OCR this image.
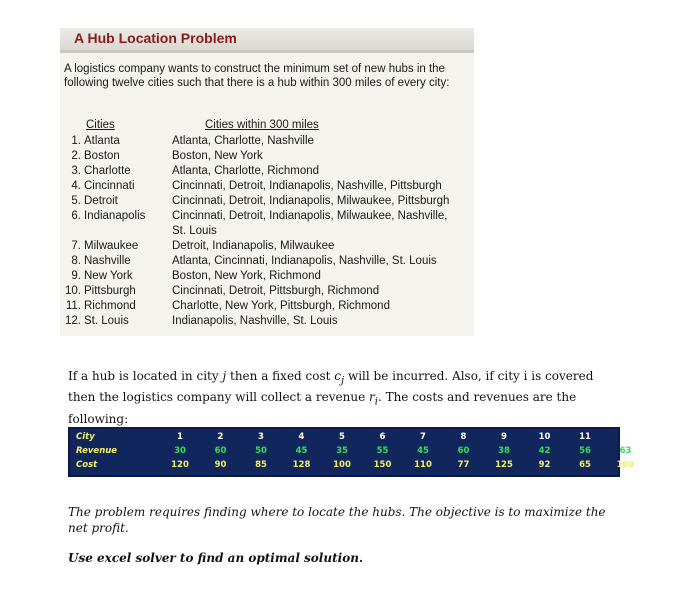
A Hub Location Problem
A logistics company wants to construct the minimum set of new hubs in the following twelve cities such that there is a hub within 300 miles of every city:
Cities	Cities within 300 miles
1. Atlanta	Atlanta, Charlotte, Nashville
2. Boston	Boston, New York
3. Charlotte	Atlanta, Charlotte, Richmond
4. Cincinnati	Cincinnati, Detroit, Indianapolis, Nashville, Pittsburgh
5. Detroit	Cincinnati, Detroit, Indianapolis, Milwaukee, Pittsburgh
6. Indianapolis	Cincinnati, Detroit, Indianapolis, Milwaukee, Nashville,
St. Louis
7. Milwaukee	Detroit, Indianapolis, Milwaukee
8. Nashville	Atlanta, Cincinnati, Indianapolis, Nashville, St. Louis
9. New York	Boston, New York, Richmond
10. Pittsburgh	Cincinnati, Detroit, Pittsburgh, Richmond
11. Richmond	Charlotte, New York, Pittsburgh, Richmond
12. St. Louis	Indianapolis, Nashville, St. Louis
If a hub is located in city j then a fixed cost $c_j$ will be incurred. Also, if city i is covered then the logistics company will collect a revenue $r_i$. The costs and revenues are the following:
City	1	2	3	4	5	6	7	8	9	10	11	12
Revenue	30	60	50	45	35	55	45	60	38	42	56	63
Cost	120	90	85	128	100	150	110	77	125	92	65	100
The problem requires finding where to locate the hubs. The objective is to maximize the net profit.
Use excel solver to find an optimal solution.
